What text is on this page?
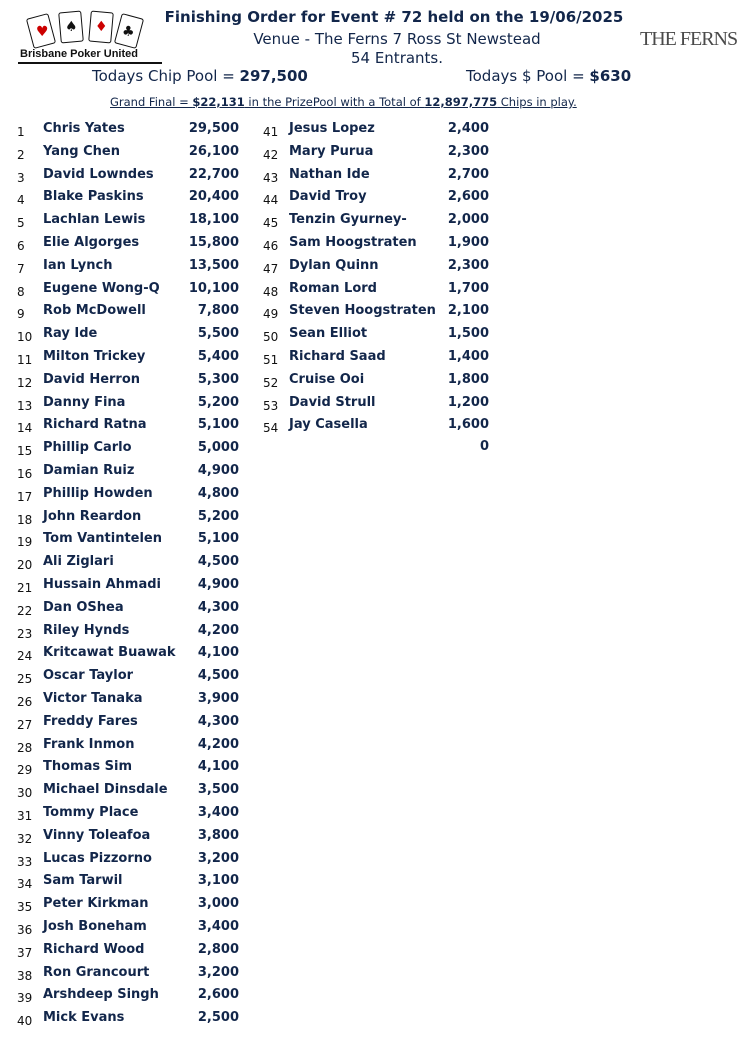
♥ ♠ ♦ ♣
Brisbane Poker United
THE FERNS
Finishing Order for Event # 72 held on the 19/06/2025
Venue - The Ferns 7 Ross St Newstead
54 Entrants.
Todays Chip Pool = 297,500	Todays $ Pool = $630
Grand Final = $22,131 in the PrizePool with a Total of 12,897,775 Chips in play.
1 Chris Yates	29,500
2 Yang Chen	26,100
3 David Lowndes	22,700
4 Blake Paskins	20,400
5 Lachlan Lewis	18,100
6 Elie Algorges	15,800
7 Ian Lynch	13,500
8 Eugene Wong-Q	10,100
9 Rob McDowell	7,800
10 Ray Ide	5,500
11 Milton Trickey	5,400
12 David Herron	5,300
13 Danny Fina	5,200
14 Richard Ratna	5,100
15 Phillip Carlo	5,000
16 Damian Ruiz	4,900
17 Phillip Howden	4,800
18 John Reardon	5,200
19 Tom Vantintelen	5,100
20 Ali Ziglari	4,500
21 Hussain Ahmadi	4,900
22 Dan OShea	4,300
23 Riley Hynds	4,200
24 Kritcawat Buawak	4,100
25 Oscar Taylor	4,500
26 Victor Tanaka	3,900
27 Freddy Fares	4,300
28 Frank Inmon	4,200
29 Thomas Sim	4,100
30 Michael Dinsdale	3,500
31 Tommy Place	3,400
32 Vinny Toleafoa	3,800
33 Lucas Pizzorno	3,200
34 Sam Tarwil	3,100
35 Peter Kirkman	3,000
36 Josh Boneham	3,400
37 Richard Wood	2,800
38 Ron Grancourt	3,200
39 Arshdeep Singh	2,600
40 Mick Evans	2,500
41 Jesus Lopez	2,400
42 Mary Purua	2,300
43 Nathan Ide	2,700
44 David Troy	2,600
45 Tenzin Gyurney-	2,000
46 Sam Hoogstraten	1,900
47 Dylan Quinn	2,300
48 Roman Lord	1,700
49 Steven Hoogstraten 2,100
50 Sean Elliot	1,500
51 Richard Saad	1,400
52 Cruise Ooi	1,800
53 David Strull	1,200
54 Jay Casella	1,600
0
